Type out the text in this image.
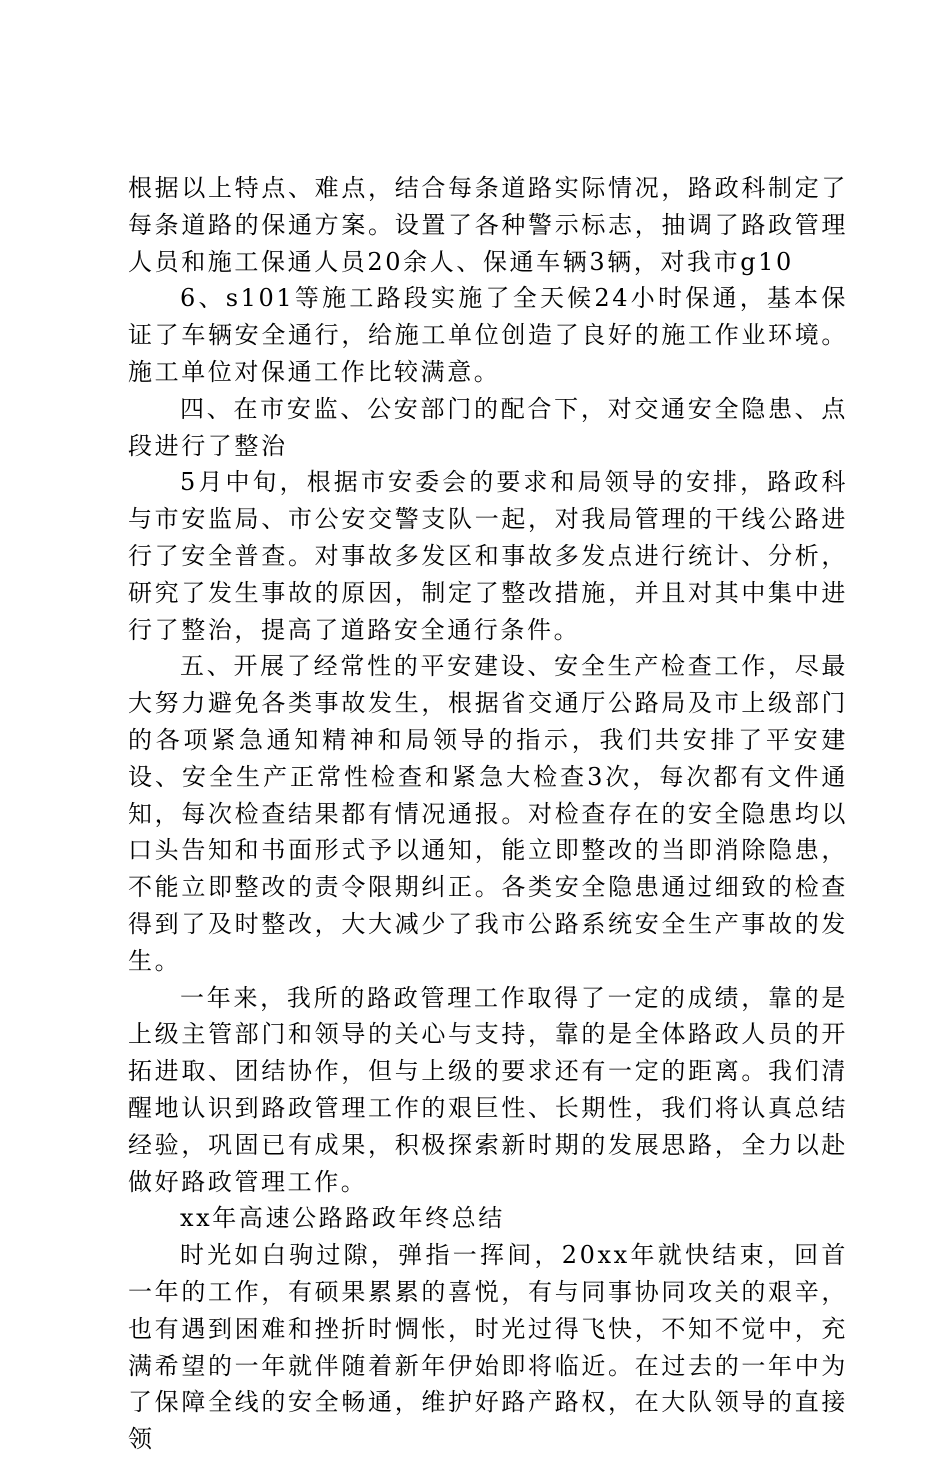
根据以上特点、难点，结合每条道路实际情况，路政科制定了每条道路的保通方案。设置了各种警示标志，抽调了路政管理人员和施工保通人员20余人、保通车辆3辆，对我市g10

6、s101等施工路段实施了全天候24小时保通，基本保证了车辆安全通行，给施工单位创造了良好的施工作业环境。施工单位对保通工作比较满意。

四、在市安监、公安部门的配合下，对交通安全隐患、点段进行了整治

5月中旬，根据市安委会的要求和局领导的安排，路政科与市安监局、市公安交警支队一起，对我局管理的干线公路进行了安全普查。对事故多发区和事故多发点进行统计、分析，研究了发生事故的原因，制定了整改措施，并且对其中集中进行了整治，提高了道路安全通行条件。

五、开展了经常性的平安建设、安全生产检查工作，尽最大努力避免各类事故发生，根据省交通厅公路局及市上级部门的各项紧急通知精神和局领导的指示，我们共安排了平安建设、安全生产正常性检查和紧急大检查3次，每次都有文件通知，每次检查结果都有情况通报。对检查存在的安全隐患均以口头告知和书面形式予以通知，能立即整改的当即消除隐患，不能立即整改的责令限期纠正。各类安全隐患通过细致的检查得到了及时整改，大大减少了我市公路系统安全生产事故的发生。

一年来，我所的路政管理工作取得了一定的成绩，靠的是上级主管部门和领导的关心与支持，靠的是全体路政人员的开拓进取、团结协作，但与上级的要求还有一定的距离。我们清醒地认识到路政管理工作的艰巨性、长期性，我们将认真总结经验，巩固已有成果，积极探索新时期的发展思路，全力以赴做好路政管理工作。

xx年高速公路路政年终总结

时光如白驹过隙，弹指一挥间，20xx年就快结束，回首一年的工作，有硕果累累的喜悦，有与同事协同攻关的艰辛，也有遇到困难和挫折时惆怅，时光过得飞快，不知不觉中，充满希望的一年就伴随着新年伊始即将临近。在过去的一年中为了保障全线的安全畅通，维护好路产路权，在大队领导的直接领
